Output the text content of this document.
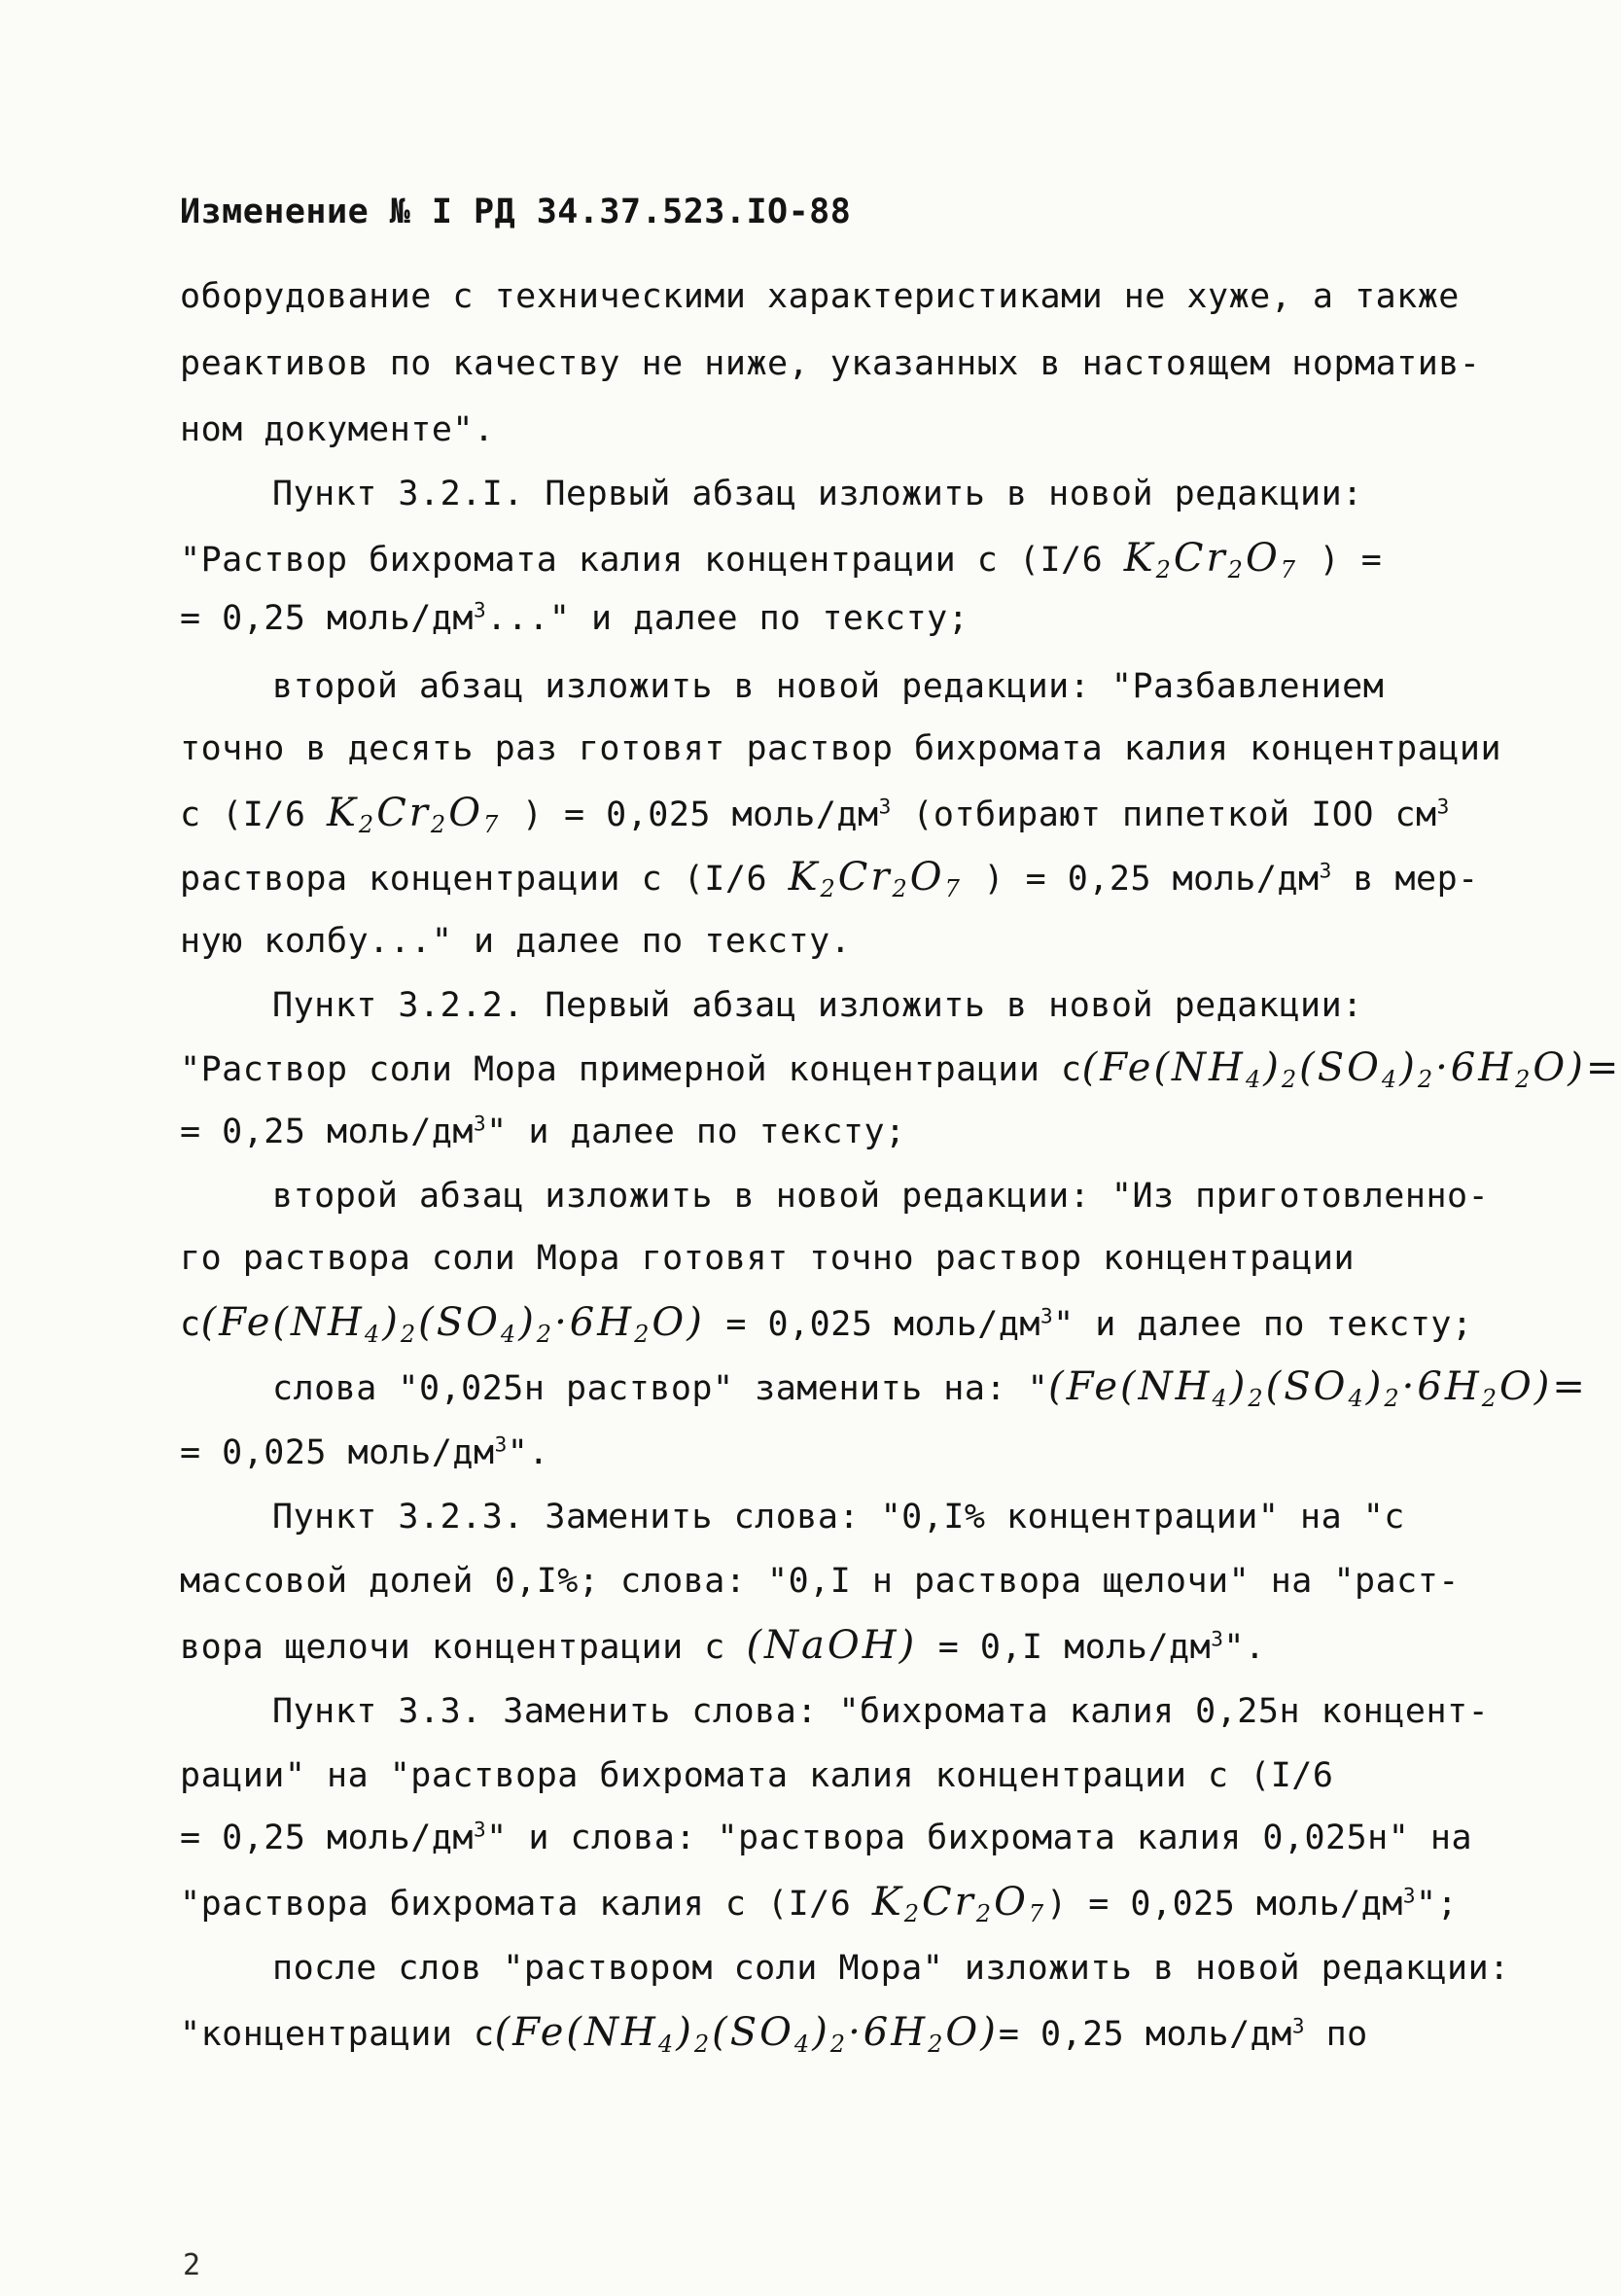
Изменение № I РД 34.37.523.IO-88
оборудование с техническими характеристиками не хуже, а также
реактивов по качеству не ниже, указанных в настоящем норматив-
ном документе".
Пункт 3.2.I. Первый абзац изложить в новой редакции:
"Раствор бихромата калия концентрации с (I/6 $K_2Cr_2O_7$ ) =
= 0,25 моль/$дм^3$..." и далее по тексту;
второй абзац изложить в новой редакции: "Разбавлением
точно в десять раз готовят раствор бихромата калия концентрации
с (I/6 $K_2Cr_2O_7$ ) = 0,025 моль/$дм^3$ (отбирают пипеткой IOO $см^3$
раствора концентрации с (I/6 $K_2Cr_2O_7$ ) = 0,25 моль/$дм^3$ в мер-
ную колбу..." и далее по тексту.
Пункт 3.2.2. Первый абзац изложить в новой редакции:
"Раствор соли Мора примерной концентрации $с(Fe(NH_4)_2(SO_4)_2\cdot 6H_2O)=$
= 0,25 моль/$дм^3$" и далее по тексту;
второй абзац изложить в новой редакции: "Из приготовленно-
го раствора соли Мора готовят точно раствор концентрации
$с(Fe(NH_4)_2(SO_4)_2\cdot 6H_2O) = 0,025$ моль/$дм^3$" и далее по тексту;
слова "0,025н раствор" заменить на: "$(Fe(NH_4)_2(SO_4)_2\cdot 6H_2O)=$
= 0,025 моль/$дм^3$".
Пункт 3.2.3. Заменить слова: "0,I% концентрации" на "с
массовой долей 0,I%; слова: "0,I н раствора щелочи" на "раст-
вора щелочи концентрации с (NaOH) = 0,I моль/$дм^3$".
Пункт 3.3. Заменить слова: "бихромата калия 0,25н концент-
рации" на "раствора бихромата калия концентрации с (I/6
= 0,25 моль/$дм^3$" и слова: "раствора бихромата калия 0,025н" на
"раствора бихромата калия с (I/6 $K_2Cr_2O_7) = 0,025$ моль/$дм^3$";
после слов "раствором соли Мора" изложить в новой редакции:
"концентрации $с(Fe(NH_4)_2(SO_4)_2\cdot 6H_2O)= 0,25$ моль/$дм^3$ по
2
